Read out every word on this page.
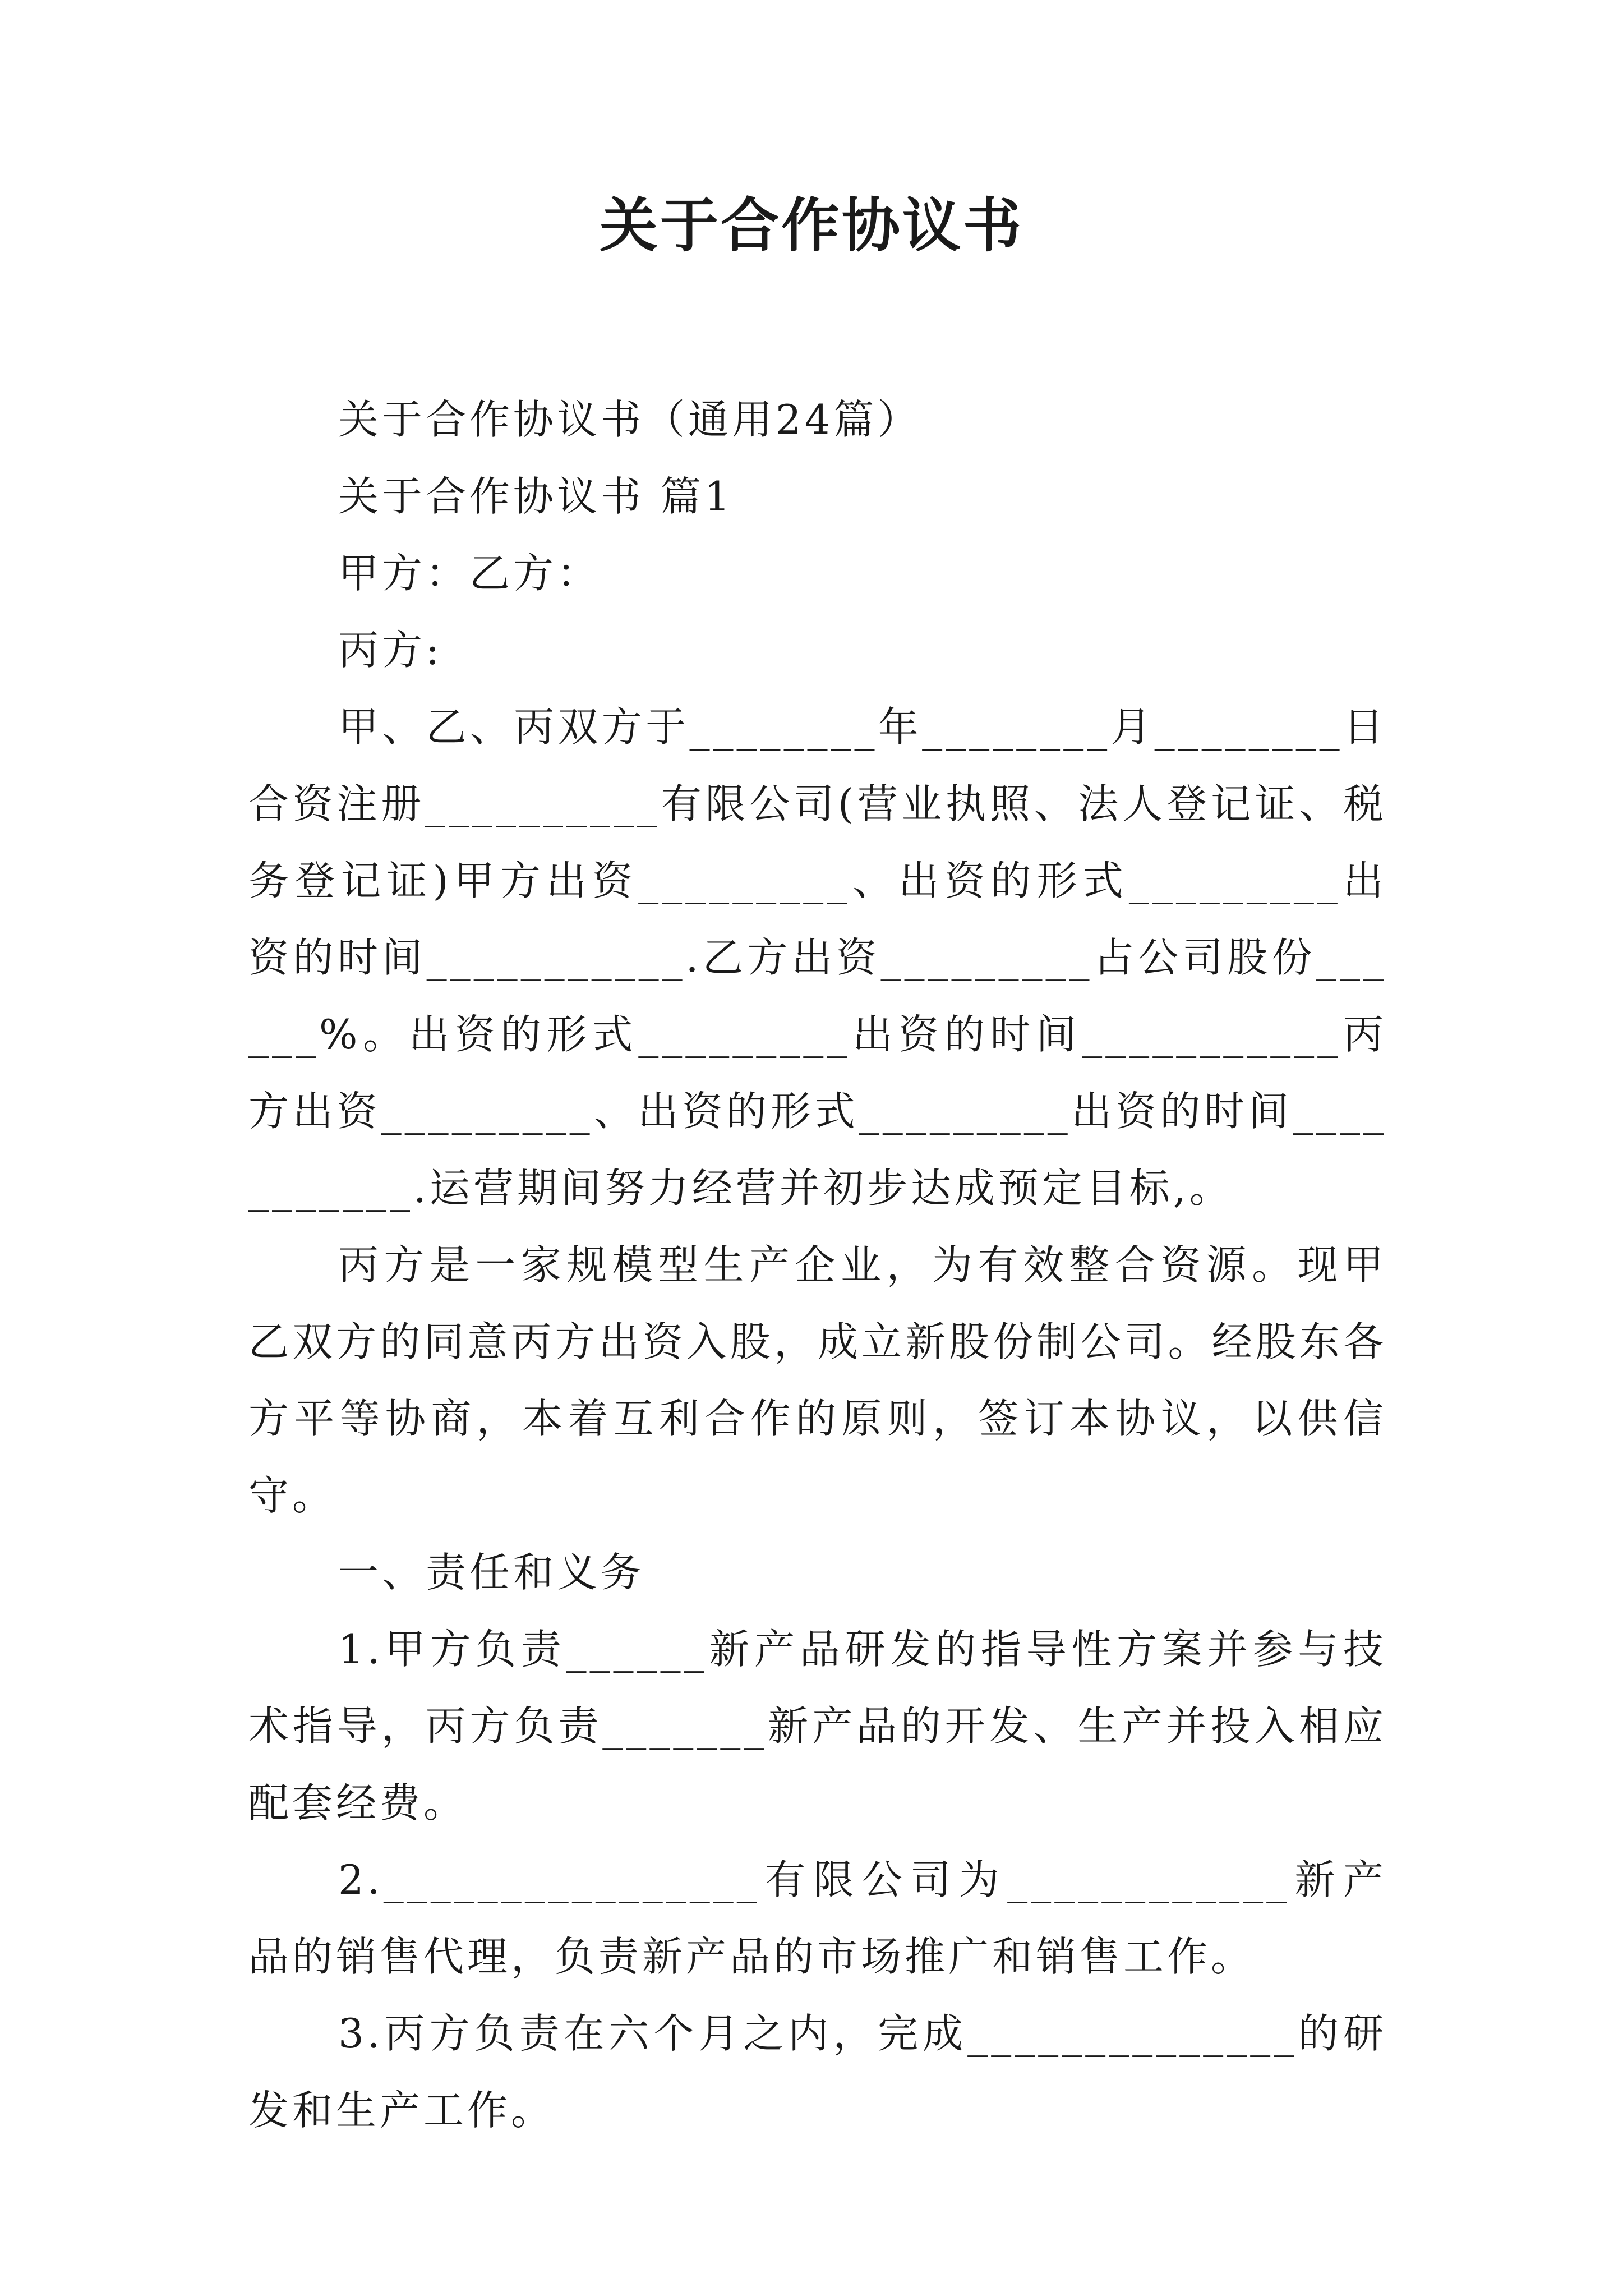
关于合作协议书

关于合作协议书（通用24篇）

关于合作协议书 篇1

甲方：乙方：

丙方:

甲、乙、丙双方于________年________月________日合资注册__________有限公司(营业执照、法人登记证、税务登记证)甲方出资_________、出资的形式_________出资的时间___________.乙方出资_________占公司股份______%。出资的形式_________出资的时间___________丙方出资_________、出资的形式_________出资的时间___________.运营期间努力经营并初步达成预定目标,。

丙方是一家规模型生产企业，为有效整合资源。现甲乙双方的同意丙方出资入股，成立新股份制公司。经股东各方平等协商，本着互利合作的原则，签订本协议，以供信守。

一、责任和义务

1.甲方负责______新产品研发的指导性方案并参与技术指导，丙方负责_______新产品的开发、生产并投入相应配套经费。

2.________________有限公司为____________新产品的销售代理，负责新产品的市场推广和销售工作。

3.丙方负责在六个月之内，完成______________的研发和生产工作。
